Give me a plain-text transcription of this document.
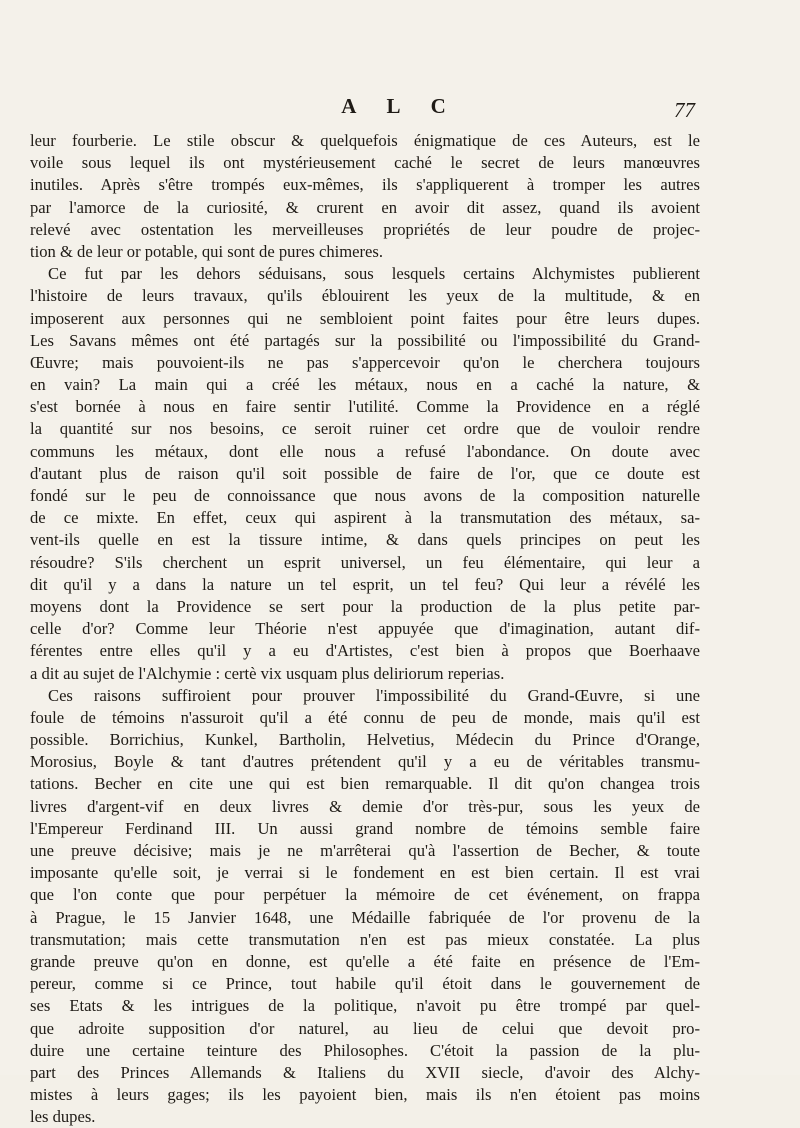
A L C	77
leur fourberie. Le stile obscur & quelquefois énigmatique de ces Auteurs, est le
voile sous lequel ils ont mystérieusement caché le secret de leurs manœuvres
inutiles. Après s'être trompés eux-mêmes, ils s'appliquerent à tromper les autres
par l'amorce de la curiosité, & crurent en avoir dit assez, quand ils avoient
relevé avec ostentation les merveilleuses propriétés de leur poudre de projec-
tion & de leur or potable, qui sont de pures chimeres.
Ce fut par les dehors séduisans, sous lesquels certains Alchymistes publierent
l'histoire de leurs travaux, qu'ils éblouirent les yeux de la multitude, & en
imposerent aux personnes qui ne sembloient point faites pour être leurs dupes.
Les Savans mêmes ont été partagés sur la possibilité ou l'impossibilité du Grand-
Œuvre; mais pouvoient-ils ne pas s'appercevoir qu'on le cherchera toujours
en vain? La main qui a créé les métaux, nous en a caché la nature, &
s'est bornée à nous en faire sentir l'utilité. Comme la Providence en a réglé
la quantité sur nos besoins, ce seroit ruiner cet ordre que de vouloir rendre
communs les métaux, dont elle nous a refusé l'abondance. On doute avec
d'autant plus de raison qu'il soit possible de faire de l'or, que ce doute est
fondé sur le peu de connoissance que nous avons de la composition naturelle
de ce mixte. En effet, ceux qui aspirent à la transmutation des métaux, sa-
vent-ils quelle en est la tissure intime, & dans quels principes on peut les
résoudre? S'ils cherchent un esprit universel, un feu élémentaire, qui leur a
dit qu'il y a dans la nature un tel esprit, un tel feu? Qui leur a révélé les
moyens dont la Providence se sert pour la production de la plus petite par-
celle d'or? Comme leur Théorie n'est appuyée que d'imagination, autant dif-
férentes entre elles qu'il y a eu d'Artistes, c'est bien à propos que Boerhaave
a dit au sujet de l'Alchymie : certè vix usquam plus deliriorum reperias.
Ces raisons suffiroient pour prouver l'impossibilité du Grand-Œuvre, si une
foule de témoins n'assuroit qu'il a été connu de peu de monde, mais qu'il est
possible. Borrichius, Kunkel, Bartholin, Helvetius, Médecin du Prince d'Orange,
Morosius, Boyle & tant d'autres prétendent qu'il y a eu de véritables transmu-
tations. Becher en cite une qui est bien remarquable. Il dit qu'on changea trois
livres d'argent-vif en deux livres & demie d'or très-pur, sous les yeux de
l'Empereur Ferdinand III. Un aussi grand nombre de témoins semble faire
une preuve décisive; mais je ne m'arrêterai qu'à l'assertion de Becher, & toute
imposante qu'elle soit, je verrai si le fondement en est bien certain. Il est vrai
que l'on conte que pour perpétuer la mémoire de cet événement, on frappa
à Prague, le 15 Janvier 1648, une Médaille fabriquée de l'or provenu de la
transmutation; mais cette transmutation n'en est pas mieux constatée. La plus
grande preuve qu'on en donne, est qu'elle a été faite en présence de l'Em-
pereur, comme si ce Prince, tout habile qu'il étoit dans le gouvernement de
ses Etats & les intrigues de la politique, n'avoit pu être trompé par quel-
que adroite supposition d'or naturel, au lieu de celui que devoit pro-
duire une certaine teinture des Philosophes. C'étoit la passion de la plu-
part des Princes Allemands & Italiens du XVII siecle, d'avoir des Alchy-
mistes à leurs gages; ils les payoient bien, mais ils n'en étoient pas moins
les dupes.
